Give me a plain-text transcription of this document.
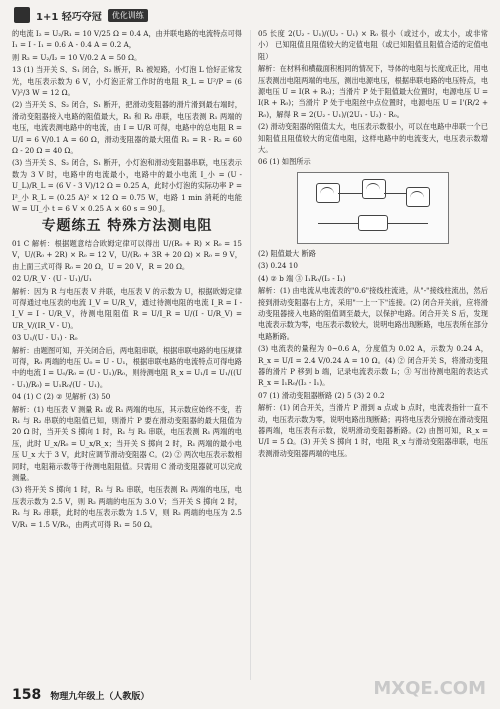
1+1 轻巧夺冠	优化训练

的电流 I₂ = U₂/R₁ = 10 V/25 Ω = 0.4 A，由并联电路的电流特点可得 I₁ = I - I₁ = 0.6 A - 0.4 A = 0.2 A，

则 R₂ = U₂/I₂ = 10 V/0.2 A = 50 Ω。

13 (1) 当开关 S、S₁ 闭合，S₂ 断开，R₁ 被短路，小灯泡 L 恰好正常发光，电压表示数为 6 V，小灯泡正常工作时的电阻 R_L = U²/P = (6 V)²/3 W = 12 Ω。

(2) 当开关 S、S₂ 闭合，S₁ 断开，把滑动变阻器的滑片滑到最右端时，滑动变阻器接入电路的阻值最大，R₁ 和 R₂ 串联，电压表测 R₁ 两端的电压，电流表测电路中的电流，由 I = U/R 可得，电路中的总电阻 R = U/I = 6 V/0.1 A = 60 Ω，滑动变阻器的最大阻值 R₁ = R - R₂ = 60 Ω - 20 Ω = 40 Ω。

(3) 当开关 S、S₂ 闭合，S₁ 断开，小灯泡和滑动变阻器串联，电压表示数为 3 V 时，电路中的电流最小，电路中的最小电流 I_小 = (U - U_L)/R_L = (6 V - 3 V)/12 Ω = 0.25 A，此时小灯泡的实际功率 P = I²_小 R_L = (0.25 A)² × 12 Ω = 0.75 W，电路 1 min 消耗的电能 W = UI_小 t = 6 V × 0.25 A × 60 s = 90 J。

专题练五 特殊方法测电阻

01 C 解析：根据题意结合欧姆定律可以得出 U/(R₀ + R) × R₀ = 15 V，U/(R₀ + 2R) × R₀ = 12 V，U/(R₀ + 3R + 20 Ω) × R₀ = 9 V，由上面三式可得 R₀ = 20 Ω，U = 20 V，R = 20 Ω。

02 U/R_V · (U - U₁)/U₁

解析：因为 R 与电压表 V 并联，电压表 V 的示数为 U，根据欧姆定律可得通过电压表的电流 I_V = U/R_V，通过待测电阻的电流 I_R = I - I_V = I - U/R_V，待测电阻阻值 R = U/I_R = U/(I - U/R_V) = UR_V/(IR_V - U)。

03 U₁/(U - U₁) · R₀

解析：由题图可知，开关闭合后，两电阻串联，根据串联电路的电压规律可得，R₀ 两端的电压 U₀ = U - U₁，根据串联电路的电流特点可得电路中的电流 I = U₀/R₀ = (U - U₁)/R₀，则待测电阻 R_x = U₁/I = U₁/((U - U₁)/R₀) = U₁R₀/(U - U₁)。

04 (1) C (2) ② 见解析 (3) 50

解析：(1) 电压表 V 测量 R₁ 或 R₁ 两端的电压，其示数应始终不变，若 R₁ 与 R₂ 串联的电阻值已知，则滑片 P 要在滑动变阻器的最大阻值为 20 Ω 时，当开关 S 掷向 1 时，R₁ 与 R₂ 串联，电压表测 R₁ 两端的电压，此时 U_x/R₀ = U_x/R_x；当开关 S 掷向 2 时，R₁ 两端的最小电压 U_x 大于 3 V，此时应调节滑动变阻器 C。(2) ② 两次电压表示数相同时，电阻箱示数等于待测电阻阻值。只需用 C 滑动变阻器就可以完成测量。

(3) 将开关 S 掷向 1 时，R₁ 与 R₂ 串联，电压表测 R₁ 两端的电压，电压表示数为 2.5 V，则 R₂ 两端的电压为 3.0 V；当开关 S 掷向 2 时，R₁ 与 R₂ 串联，此时的电压表示数为 1.5 V，则 R₂ 两端的电压为 2.5 V/R₁ = 1.5 V/R₀，由两式可得 R₁ = 50 Ω。

05 长度 2(U₂ - U₁)/(U₂ - U₁) × R₀ 很小（或过小，或太小，或非常小） 已知阻值且阻值较大的定值电阻（或已知阻值且阻值合适的定值电阻）

解析：在材料和横截面积相同的情况下，导体的电阻与长度成正比，用电压表测出电阻两端的电压，测出电源电压，根据串联电路的电压特点，电源电压 U = I(R + R₀)；当滑片 P 处于阻值最大位置时，电源电压 U = I(R + R₀)；当滑片 P 处于电阻丝中点位置时，电源电压 U = I'(R/2 + R₀)，解得 R = 2(U₂ - U₁)/(2U₁ - U₂) · R₀。

(2) 滑动变阻器的阻值太大，电压表示数很小，可以在电路中串联一个已知阻值且阻值较大的定值电阻，这样电路中的电流变大，电压表示数增大。

06 (1) 如图所示

(2) 阻值最大 断路

(3) 0.24 10

(4) ② b 端 ③ I₁R₀/(I₂ - I₁)

解析：(1) 由电流从电流表的"0.6"接线柱流进，从"-"接线柱流出，然后接到滑动变阻器右上方，采用"一上一下"连接。(2) 闭合开关前，应将滑动变阻器接入电路的阻值调至最大，以保护电路。闭合开关 S 后，发现电流表示数为零，电压表示数较大，说明电路出现断路，电压表所在部分电路断路。

(3) 电流表的量程为 0~0.6 A，分度值为 0.02 A，示数为 0.24 A，R_x = U/I = 2.4 V/0.24 A = 10 Ω。(4) ② 闭合开关 S，将滑动变阻器的滑片 P 移到 b 端，记录电流表示数 I₂；③ 写出待测电阻的表达式 R_x = I₁R₀/(I₂ - I₁)。

07 (1) 滑动变阻器断路 (2) 5 (3) 2 0.2

解析：(1) 闭合开关，当滑片 P 滑到 a 点或 b 点时，电流表指针一直不动，电压表示数为零，说明电路出现断路；再将电压表分别接在滑动变阻器两端，电压表有示数，说明滑动变阻器断路。(2) 由图可知，R_x = U/I = 5 Ω。(3) 开关 S 掷向 1 时，电阻 R_x 与滑动变阻器串联，电压表测滑动变阻器两端的电压。

158 物理九年级上（人教版）	MXQE.COM
